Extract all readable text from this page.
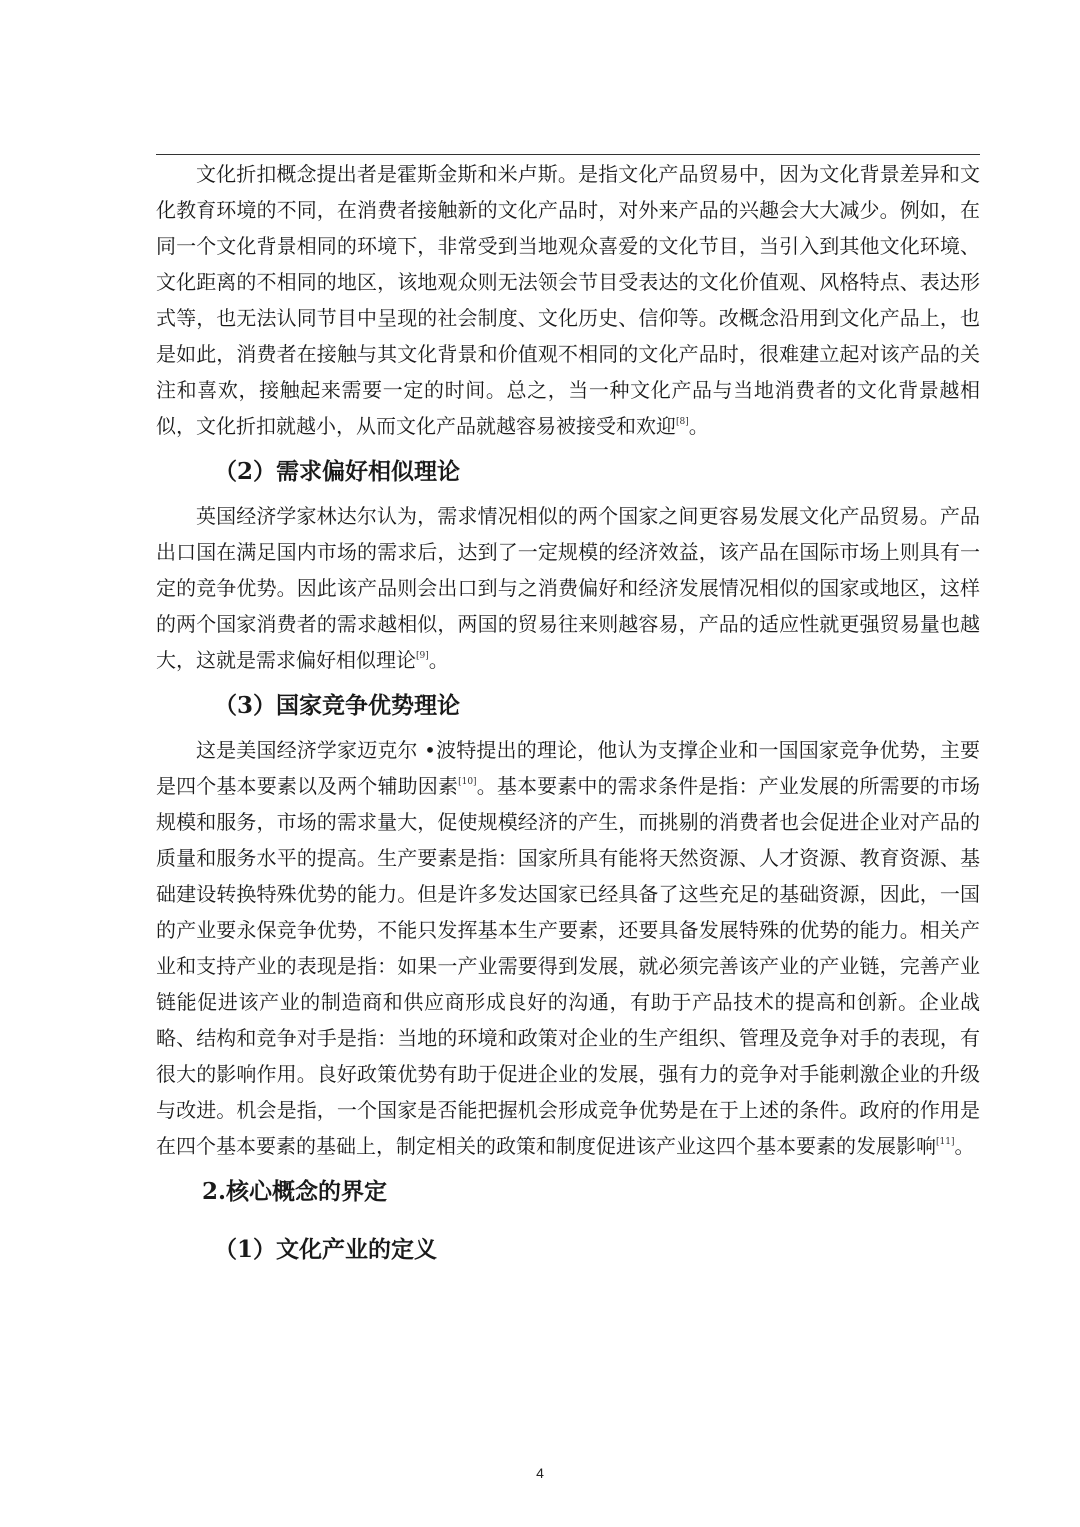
文化折扣概念提出者是霍斯金斯和米卢斯。是指文化产品贸易中，因为文化背景差异和文化教育环境的不同，在消费者接触新的文化产品时，对外来产品的兴趣会大大减少。例如，在同一个文化背景相同的环境下，非常受到当地观众喜爱的文化节目，当引入到其他文化环境、文化距离的不相同的地区，该地观众则无法领会节目受表达的文化价值观、风格特点、表达形式等，也无法认同节目中呈现的社会制度、文化历史、信仰等。改概念沿用到文化产品上，也是如此，消费者在接触与其文化背景和价值观不相同的文化产品时，很难建立起对该产品的关注和喜欢，接触起来需要一定的时间。总之，当一种文化产品与当地消费者的文化背景越相似，文化折扣就越小，从而文化产品就越容易被接受和欢迎[8]。

（2）需求偏好相似理论

英国经济学家林达尔认为，需求情况相似的两个国家之间更容易发展文化产品贸易。产品出口国在满足国内市场的需求后，达到了一定规模的经济效益，该产品在国际市场上则具有一定的竞争优势。因此该产品则会出口到与之消费偏好和经济发展情况相似的国家或地区，这样的两个国家消费者的需求越相似，两国的贸易往来则越容易，产品的适应性就更强贸易量也越大，这就是需求偏好相似理论[9]。

（3）国家竞争优势理论

这是美国经济学家迈克尔 •波特提出的理论，他认为支撑企业和一国国家竞争优势，主要是四个基本要素以及两个辅助因素[10]。基本要素中的需求条件是指：产业发展的所需要的市场规模和服务，市场的需求量大，促使规模经济的产生，而挑剔的消费者也会促进企业对产品的质量和服务水平的提高。生产要素是指：国家所具有能将天然资源、人才资源、教育资源、基础建设转换特殊优势的能力。但是许多发达国家已经具备了这些充足的基础资源，因此，一国的产业要永保竞争优势，不能只发挥基本生产要素，还要具备发展特殊的优势的能力。相关产业和支持产业的表现是指：如果一产业需要得到发展，就必须完善该产业的产业链，完善产业链能促进该产业的制造商和供应商形成良好的沟通，有助于产品技术的提高和创新。企业战略、结构和竞争对手是指：当地的环境和政策对企业的生产组织、管理及竞争对手的表现，有很大的影响作用。良好政策优势有助于促进企业的发展，强有力的竞争对手能刺激企业的升级与改进。机会是指，一个国家是否能把握机会形成竞争优势是在于上述的条件。政府的作用是在四个基本要素的基础上，制定相关的政策和制度促进该产业这四个基本要素的发展影响[11]。

2.核心概念的界定
（1）文化产业的定义
4
